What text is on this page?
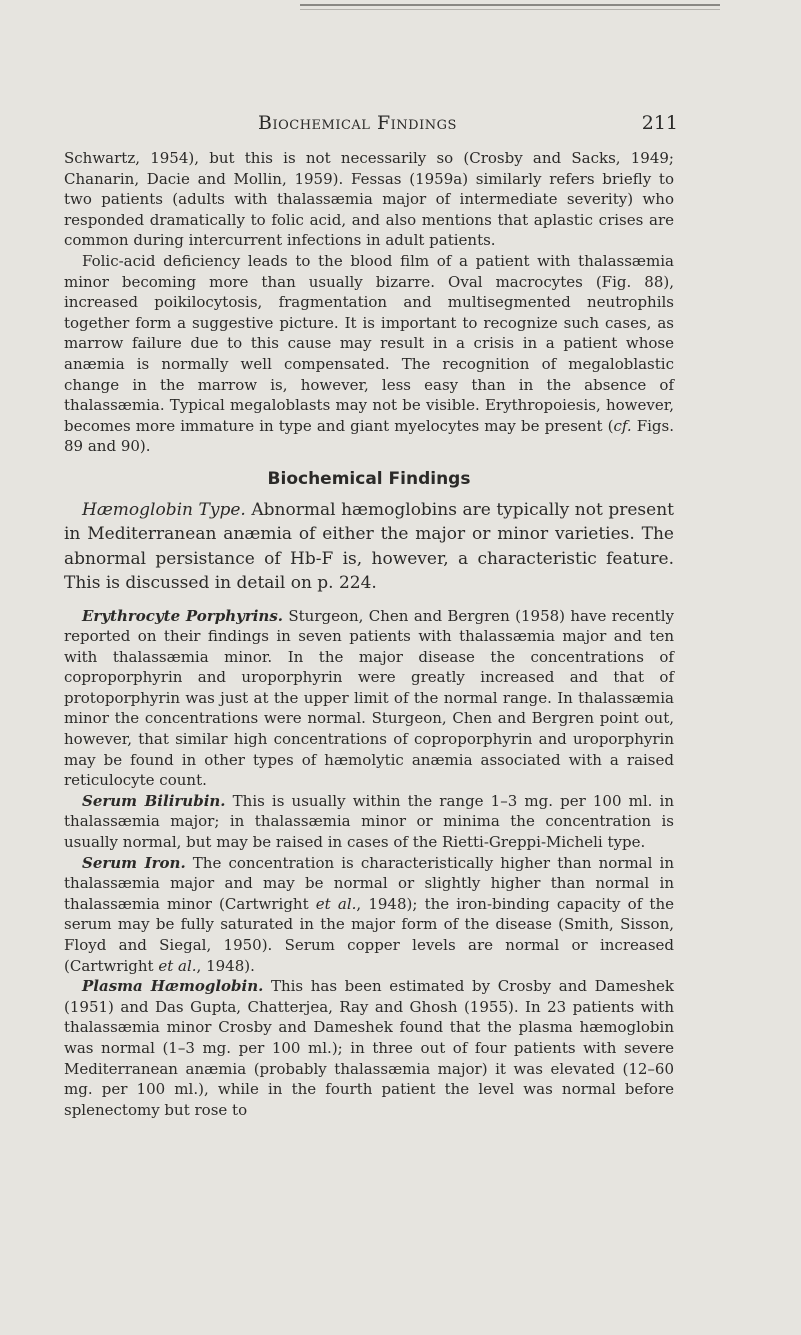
Biochemical Findings	211

Schwartz, 1954), but this is not necessarily so (Crosby and Sacks, 1949; Chanarin, Dacie and Mollin, 1959). Fessas (1959a) similarly refers briefly to two patients (adults with thalassæmia major of intermediate severity) who responded dramatically to folic acid, and also mentions that aplastic crises are common during intercurrent infections in adult patients.

Folic-acid deficiency leads to the blood film of a patient with thalassæmia minor becoming more than usually bizarre. Oval macrocytes (Fig. 88), increased poikilocytosis, fragmentation and multisegmented neutrophils together form a suggestive picture. It is important to recognize such cases, as marrow failure due to this cause may result in a crisis in a patient whose anæmia is normally well compensated. The recognition of megaloblastic change in the marrow is, however, less easy than in the absence of thalassæmia. Typical megaloblasts may not be visible. Erythropoiesis, however, becomes more immature in type and giant myelocytes may be present (cf. Figs. 89 and 90).

Biochemical Findings

Hæmoglobin Type. Abnormal hæmoglobins are typically not present in Mediterranean anæmia of either the major or minor varieties. The abnormal persistance of Hb-F is, however, a characteristic feature. This is discussed in detail on p. 224.

Erythrocyte Porphyrins. Sturgeon, Chen and Bergren (1958) have recently reported on their findings in seven patients with thalassæmia major and ten with thalassæmia minor. In the major disease the concentrations of coproporphyrin and uroporphyrin were greatly increased and that of protoporphyrin was just at the upper limit of the normal range. In thalassæmia minor the concentrations were normal. Sturgeon, Chen and Bergren point out, however, that similar high concentrations of coproporphyrin and uroporphyrin may be found in other types of hæmolytic anæmia associated with a raised reticulocyte count.

Serum Bilirubin. This is usually within the range 1–3 mg. per 100 ml. in thalassæmia major; in thalassæmia minor or minima the concentration is usually normal, but may be raised in cases of the Rietti-Greppi-Micheli type.

Serum Iron. The concentration is characteristically higher than normal in thalassæmia major and may be normal or slightly higher than normal in thalassæmia minor (Cartwright et al., 1948); the iron-binding capacity of the serum may be fully saturated in the major form of the disease (Smith, Sisson, Floyd and Siegal, 1950). Serum copper levels are normal or increased (Cartwright et al., 1948).

Plasma Hæmoglobin. This has been estimated by Crosby and Dameshek (1951) and Das Gupta, Chatterjea, Ray and Ghosh (1955). In 23 patients with thalassæmia minor Crosby and Dameshek found that the plasma hæmoglobin was normal (1–3 mg. per 100 ml.); in three out of four patients with severe Mediterranean anæmia (probably thalassæmia major) it was elevated (12–60 mg. per 100 ml.), while in the fourth patient the level was normal before splenectomy but rose to
